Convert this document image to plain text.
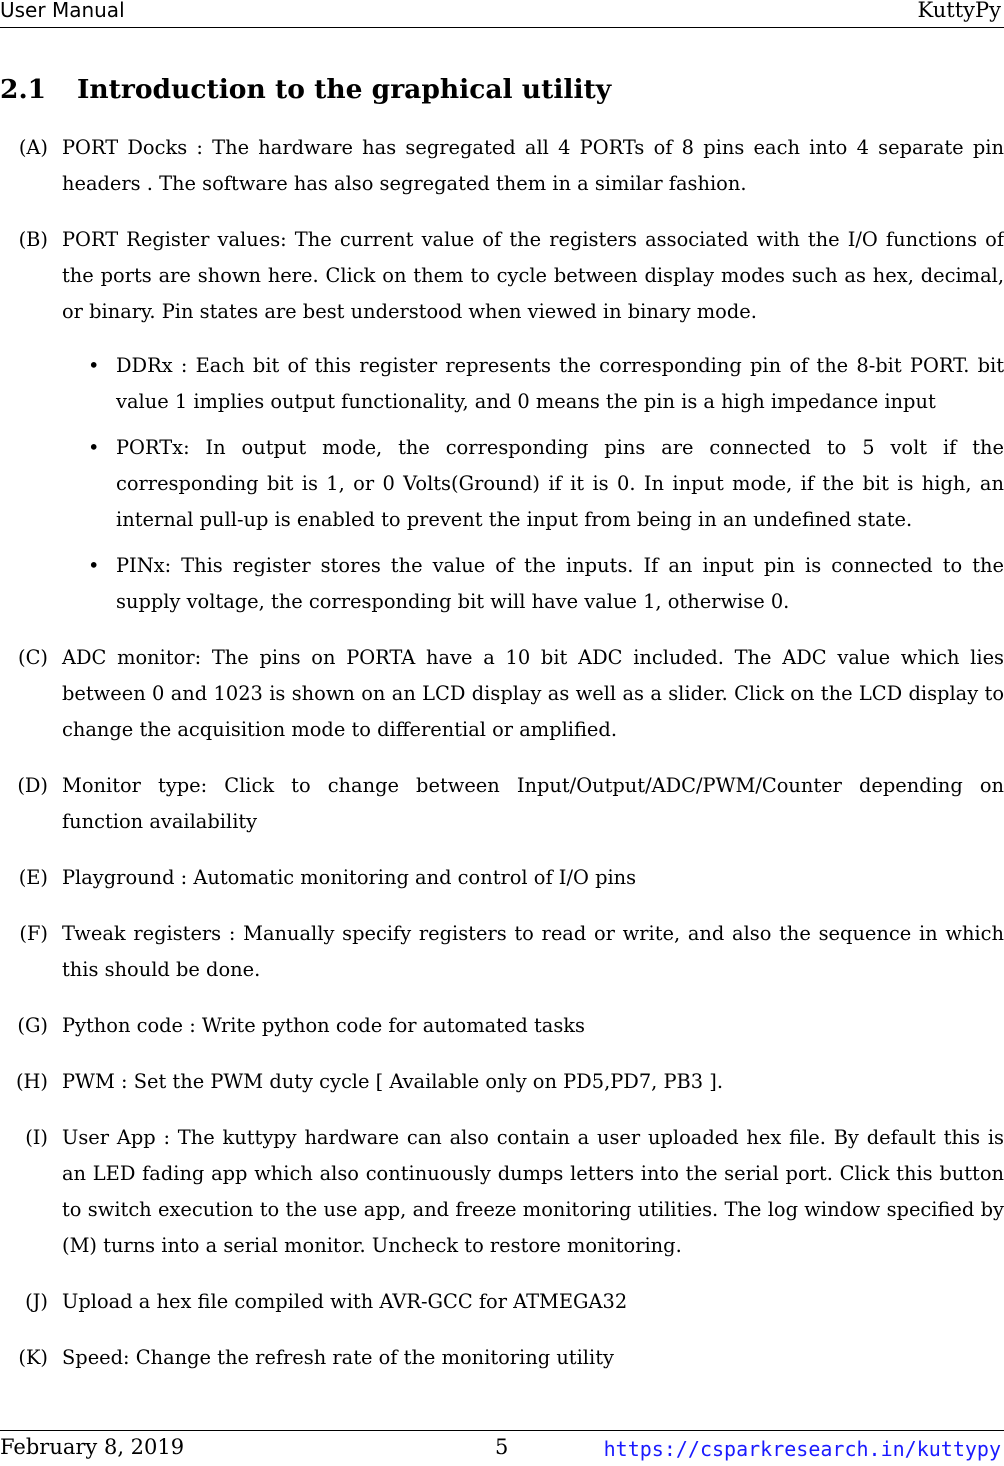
User Manual	KuttyPy
2.1 Introduction to the graphical utility
(A) PORT Docks : The hardware has segregated all 4 PORTs of 8 pins each into 4 separate pin headers . The software has also segregated them in a similar fashion.
(B) PORT Register values: The current value of the registers associated with the I/O functions of the ports are shown here. Click on them to cycle between display modes such as hex, decimal, or binary. Pin states are best understood when viewed in binary mode.
• DDRx : Each bit of this register represents the corresponding pin of the 8-bit PORT. bit value 1 implies output functionality, and 0 means the pin is a high impedance input
• PORTx: In output mode, the corresponding pins are connected to 5 volt if the corresponding bit is 1, or 0 Volts(Ground) if it is 0. In input mode, if the bit is high, an internal pull-up is enabled to prevent the input from being in an undefined state.
• PINx: This register stores the value of the inputs. If an input pin is connected to the supply voltage, the corresponding bit will have value 1, otherwise 0.
(C) ADC monitor: The pins on PORTA have a 10 bit ADC included. The ADC value which lies between 0 and 1023 is shown on an LCD display as well as a slider. Click on the LCD display to change the acquisition mode to differential or amplified.
(D) Monitor type: Click to change between Input/Output/ADC/PWM/Counter depending on function availability
(E) Playground : Automatic monitoring and control of I/O pins
(F) Tweak registers : Manually specify registers to read or write, and also the sequence in which this should be done.
(G) Python code : Write python code for automated tasks
(H) PWM : Set the PWM duty cycle [ Available only on PD5,PD7, PB3 ].
(I) User App : The kuttypy hardware can also contain a user uploaded hex file. By default this is an LED fading app which also continuously dumps letters into the serial port. Click this button to switch execution to the use app, and freeze monitoring utilities. The log window specified by (M) turns into a serial monitor. Uncheck to restore monitoring.
(J) Upload a hex file compiled with AVR-GCC for ATMEGA32
(K) Speed: Change the refresh rate of the monitoring utility
February 8, 2019	5	https://csparkresearch.in/kuttypy
